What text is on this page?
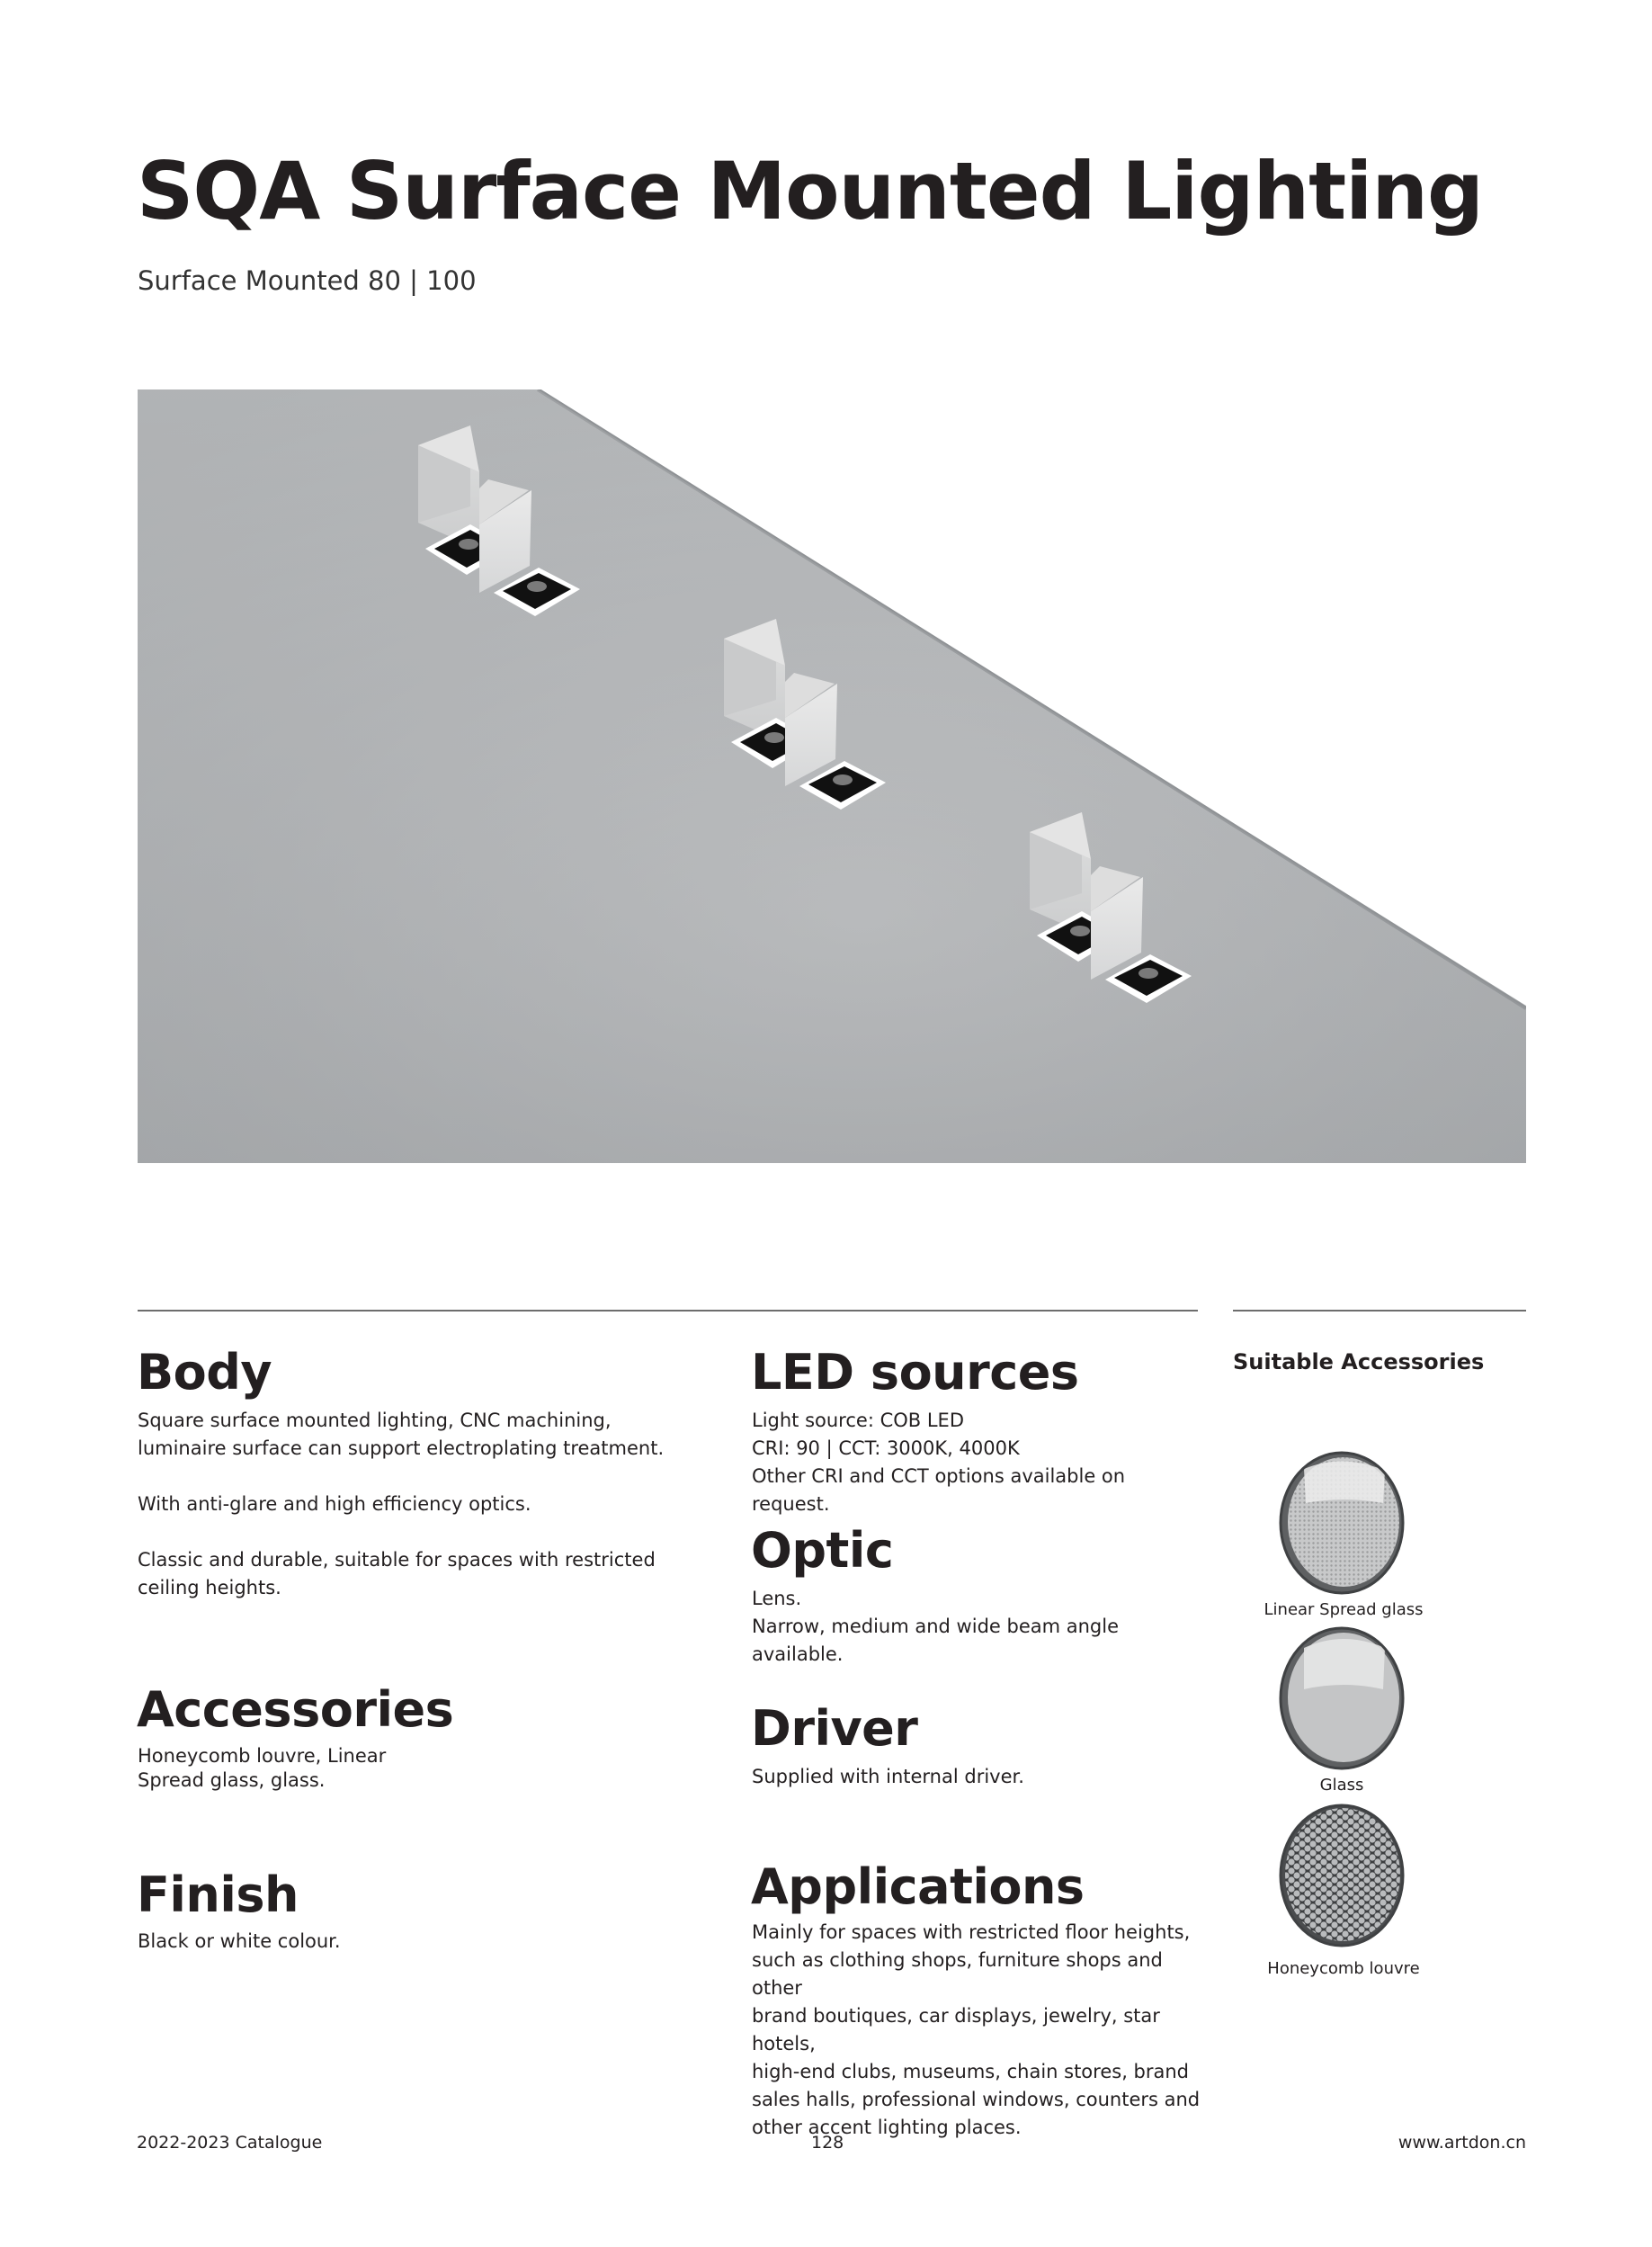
SQA Surface Mounted Lighting
Surface Mounted 80 | 100
Body
Square surface mounted lighting, CNC machining,
luminaire surface can support electroplating treatment.

With anti-glare and high efficiency optics.

Classic and durable, suitable for spaces with restricted
ceiling heights.
Accessories
Honeycomb louvre, Linear
Spread glass, glass.
Finish
Black or white colour.
LED sources
Light source: COB LED
CRI: 90 | CCT: 3000K, 4000K
Other CRI and CCT options available on request.
Optic
Lens.
Narrow, medium and wide beam angle
available.
Driver
Supplied with internal driver.
Applications
Mainly for spaces with restricted floor heights,
such as clothing shops, furniture shops and other
brand boutiques, car displays, jewelry, star hotels,
high-end clubs, museums, chain stores, brand
sales halls, professional windows, counters and
other accent lighting places.
Suitable Accessories
Linear Spread glass
Glass
Honeycomb louvre
2022-2023 Catalogue	128	www.artdon.cn
